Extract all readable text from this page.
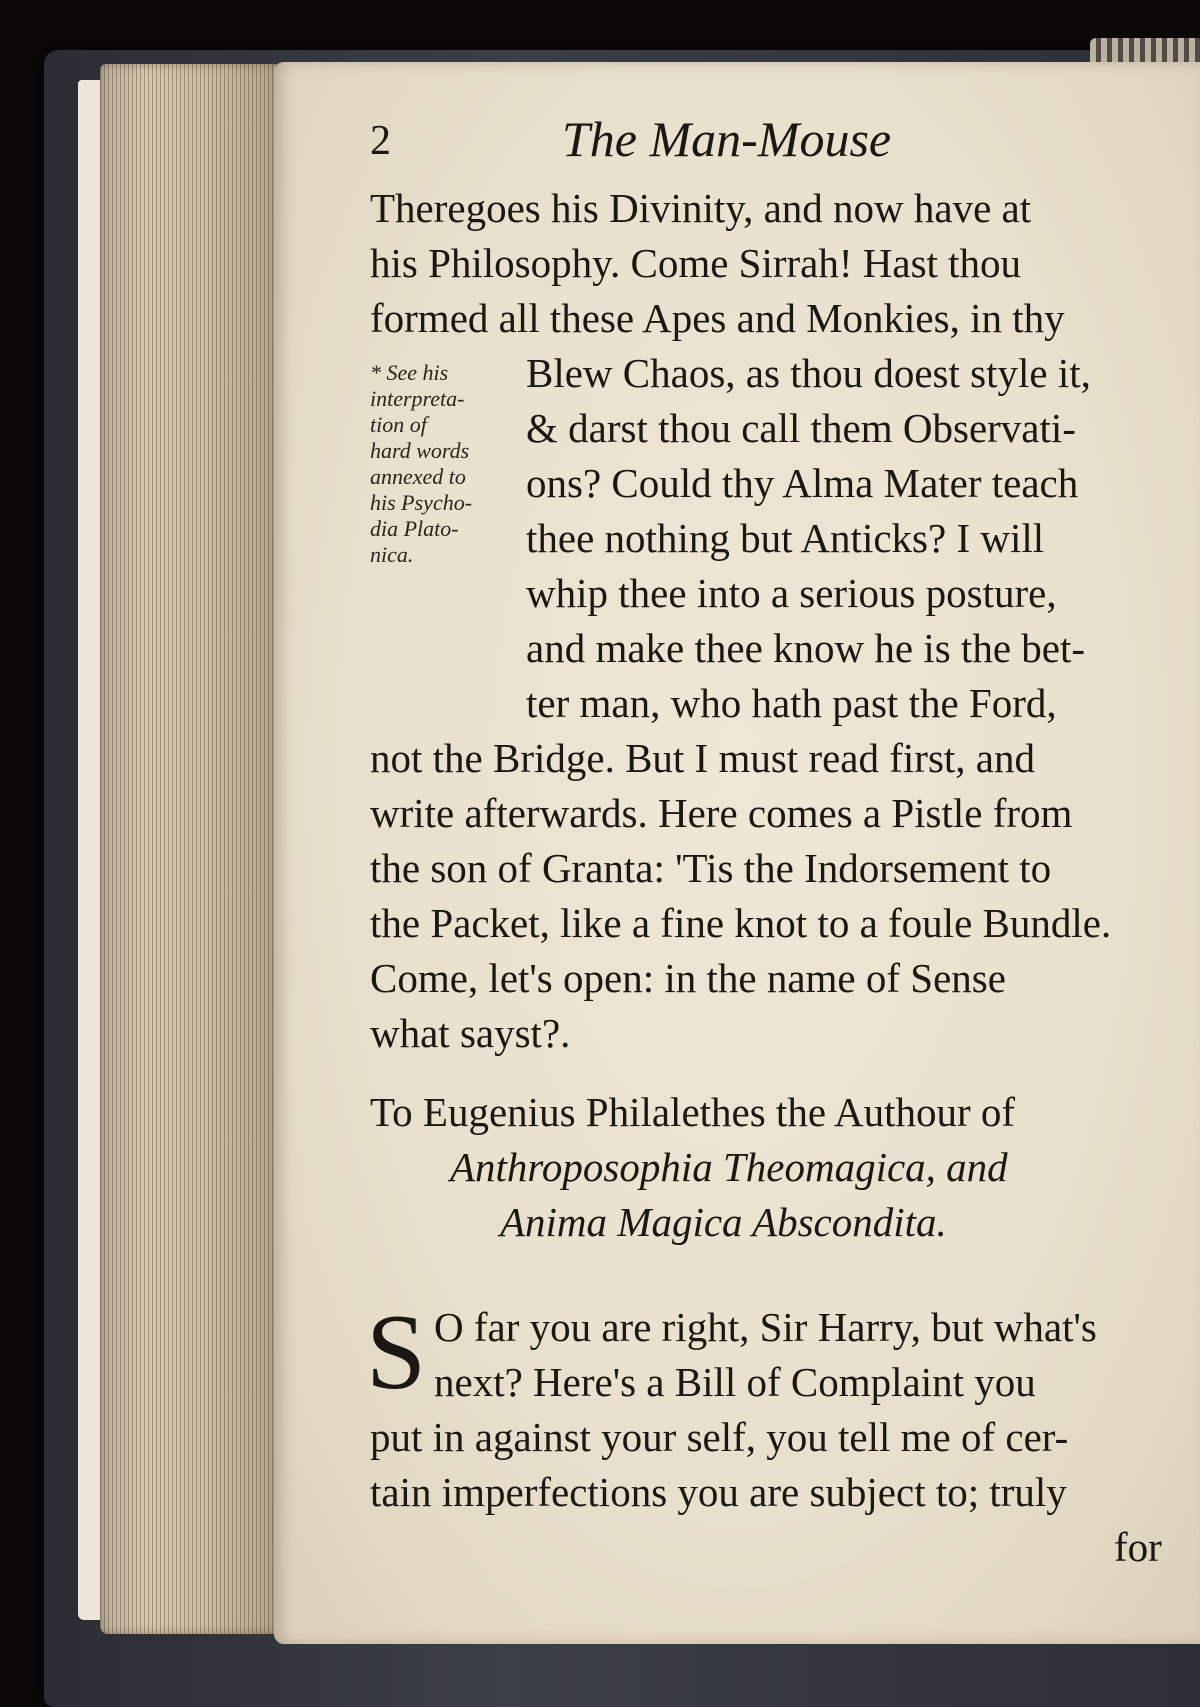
2	The Man-Mouse
Theregoes his Divinity, and now have at
his Philosophy. Come Sirrah! Hast thou
formed all these Apes and Monkies, in thy
Blew Chaos, as thou doest style it,
& darst thou call them Observati-
ons? Could thy Alma Mater teach
thee nothing but Anticks? I will
whip thee into a serious posture,
and make thee know he is the bet-
ter man, who hath past the Ford,
not the Bridge. But I must read first, and
write afterwards. Here comes a Pistle from
the son of Granta: 'Tis the Indorsement to
the Packet, like a fine knot to a foule Bundle.
Come, let's open: in the name of Sense
what sayst?.
* See his
interpreta-
tion of
hard words
annexed to
his Psycho-
dia Plato-
nica.
To Eugenius Philalethes the Authour of
Anthroposophia Theomagica, and
Anima Magica Abscondita.
S O far you are right, Sir Harry, but what's
next? Here's a Bill of Complaint you
put in against your self, you tell me of cer-
tain imperfections you are subject to; truly
for
